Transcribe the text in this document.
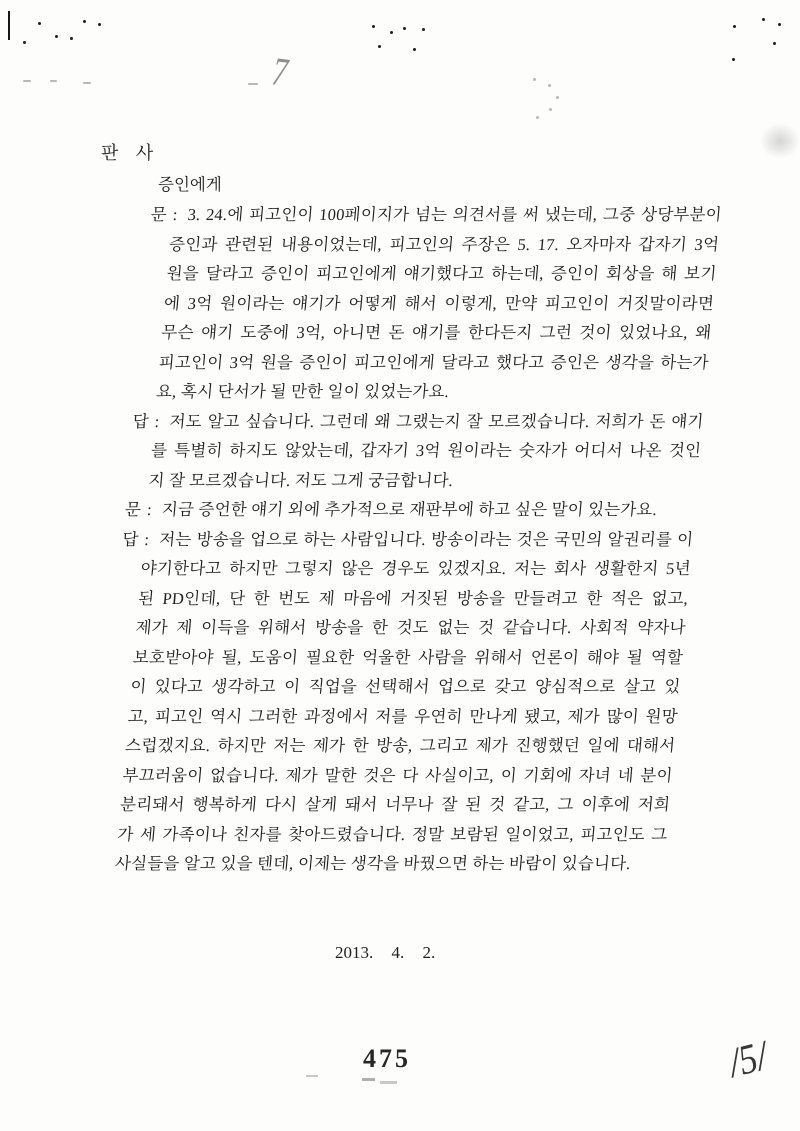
7
판 사
증인에게
문 : 3. 24.에 피고인이 100페이지가 넘는 의견서를 써 냈는데, 그중 상당부분이
증인과 관련된 내용이었는데, 피고인의 주장은 5. 17. 오자마자 갑자기 3억
원을 달라고 증인이 피고인에게 얘기했다고 하는데, 증인이 회상을 해 보기
에 3억 원이라는 얘기가 어떻게 해서 이렇게, 만약 피고인이 거짓말이라면
무슨 얘기 도중에 3억, 아니면 돈 얘기를 한다든지 그런 것이 있었나요, 왜
피고인이 3억 원을 증인이 피고인에게 달라고 했다고 증인은 생각을 하는가
요, 혹시 단서가 될 만한 일이 있었는가요.
답 : 저도 알고 싶습니다. 그런데 왜 그랬는지 잘 모르겠습니다. 저희가 돈 얘기
를 특별히 하지도 않았는데, 갑자기 3억 원이라는 숫자가 어디서 나온 것인
지 잘 모르겠습니다. 저도 그게 궁금합니다.
문 : 지금 증언한 얘기 외에 추가적으로 재판부에 하고 싶은 말이 있는가요.
답 : 저는 방송을 업으로 하는 사람입니다. 방송이라는 것은 국민의 알권리를 이
야기한다고 하지만 그렇지 않은 경우도 있겠지요. 저는 회사 생활한지 5년
된 PD인데, 단 한 번도 제 마음에 거짓된 방송을 만들려고 한 적은 없고,
제가 제 이득을 위해서 방송을 한 것도 없는 것 같습니다. 사회적 약자나
보호받아야 될, 도움이 필요한 억울한 사람을 위해서 언론이 해야 될 역할
이 있다고 생각하고 이 직업을 선택해서 업으로 갖고 양심적으로 살고 있
고, 피고인 역시 그러한 과정에서 저를 우연히 만나게 됐고, 제가 많이 원망
스럽겠지요. 하지만 저는 제가 한 방송, 그리고 제가 진행했던 일에 대해서
부끄러움이 없습니다. 제가 말한 것은 다 사실이고, 이 기회에 자녀 네 분이
분리돼서 행복하게 다시 살게 돼서 너무나 잘 된 것 같고, 그 이후에 저희
가 세 가족이나 친자를 찾아드렸습니다. 정말 보람된 일이었고, 피고인도 그
사실들을 알고 있을 텐데, 이제는 생각을 바꿨으면 하는 바람이 있습니다.
2013. 4. 2.
475	/5/
